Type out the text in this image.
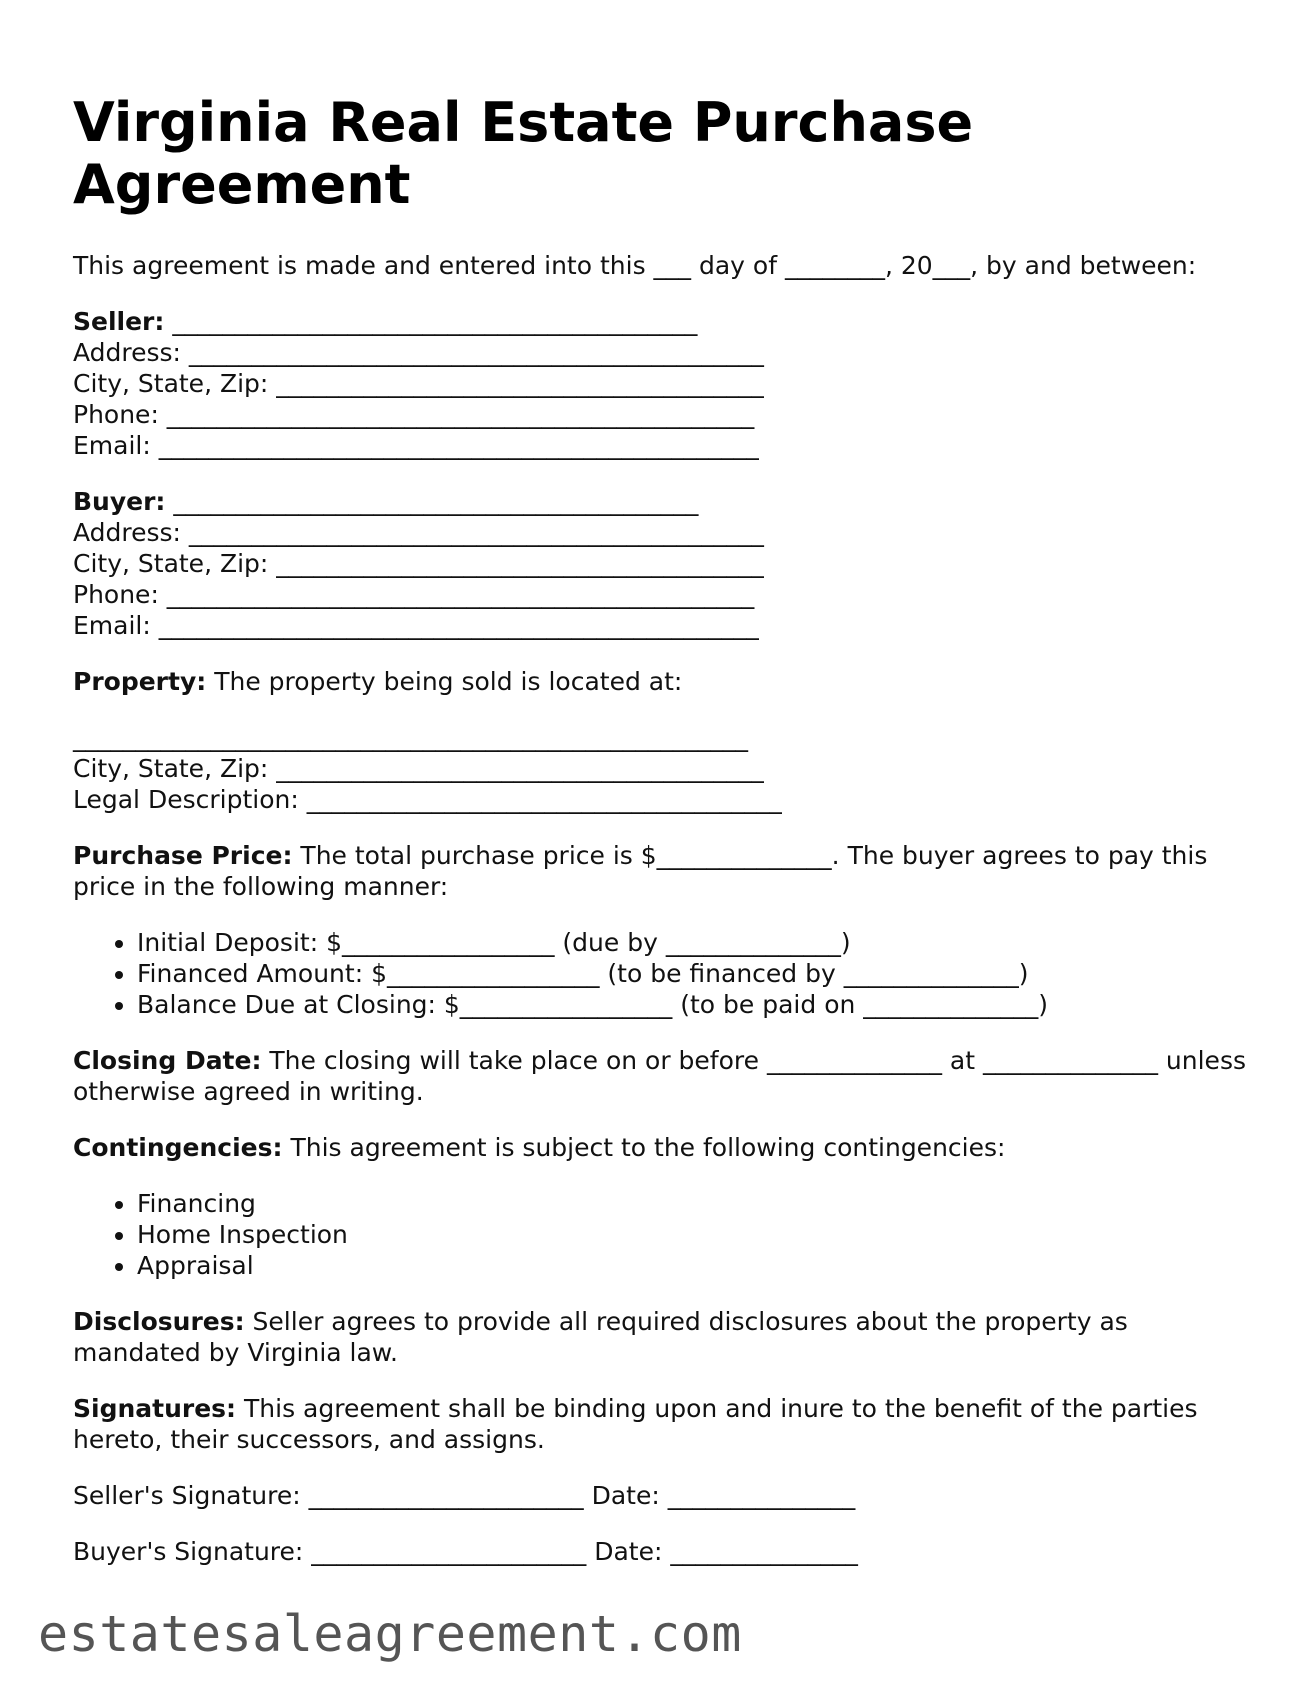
Virginia Real Estate Purchase Agreement

This agreement is made and entered into this ___ day of ________, 20___, by and between:

Seller: __________________________________________

Address: ______________________________________________

City, State, Zip: _______________________________________

Phone: _______________________________________________

Email: ________________________________________________

Buyer: __________________________________________

Address: ______________________________________________

City, State, Zip: _______________________________________

Phone: _______________________________________________

Email: ________________________________________________

Property: The property being sold is located at:

______________________________________________________

City, State, Zip: _______________________________________

Legal Description: ______________________________________

Purchase Price: The total purchase price is $______________. The buyer agrees to pay this price in the following manner:

• Initial Deposit: $_________________ (due by ______________)
• Financed Amount: $_________________ (to be financed by ______________)
• Balance Due at Closing: $_________________ (to be paid on ______________)

Closing Date: The closing will take place on or before ______________ at ______________ unless otherwise agreed in writing.

Contingencies: This agreement is subject to the following contingencies:

• Financing
• Home Inspection
• Appraisal

Disclosures: Seller agrees to provide all required disclosures about the property as mandated by Virginia law.

Signatures: This agreement shall be binding upon and inure to the benefit of the parties hereto, their successors, and assigns.

Seller's Signature: ______________________ Date: _______________

Buyer's Signature: ______________________ Date: _______________

estatesaleagreement.com
